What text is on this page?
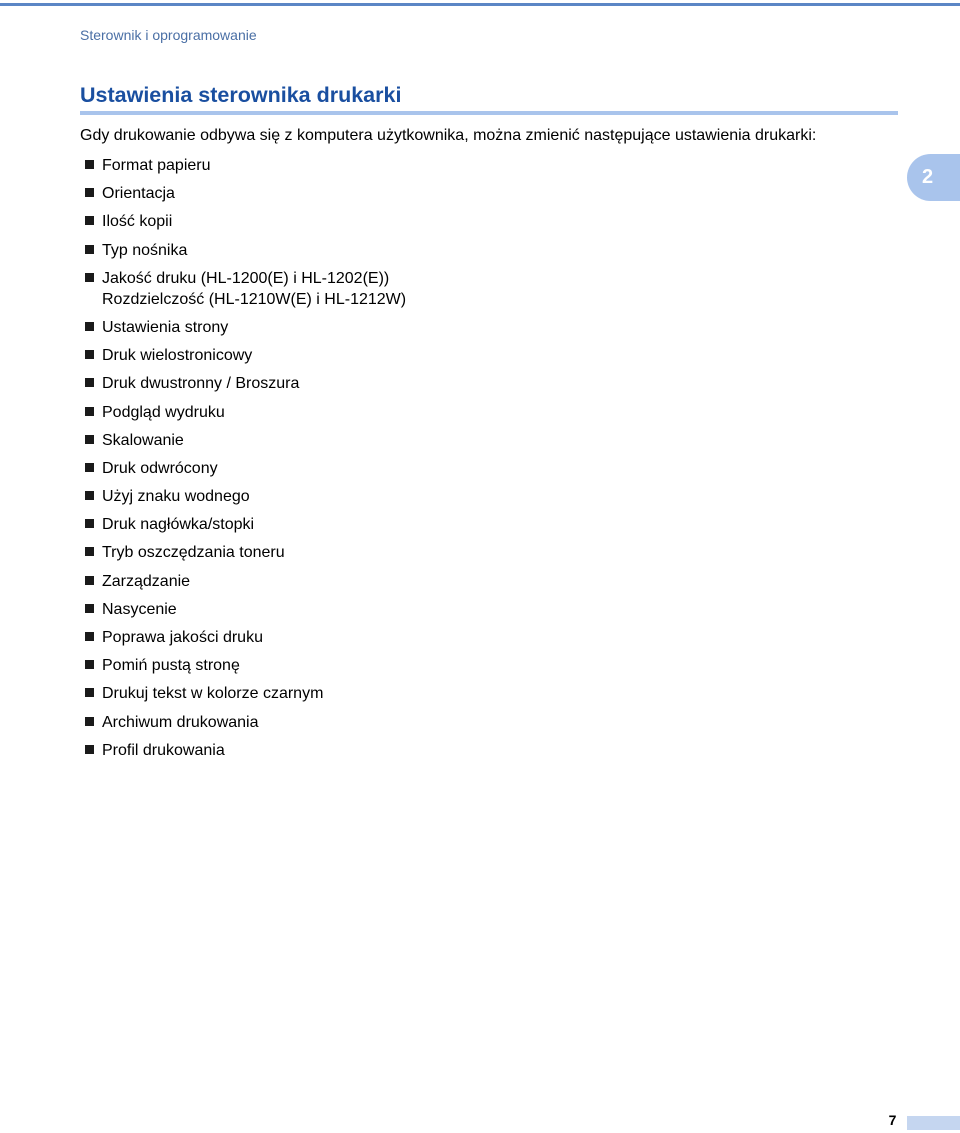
Sterownik i oprogramowanie
Ustawienia sterownika drukarki

Gdy drukowanie odbywa się z komputera użytkownika, można zmienić następujące ustawienia drukarki:

2
Format papieru
Orientacja
Ilość kopii
Typ nośnika
Jakość druku (HL-1200(E) i HL-1202(E))
Rozdzielczość (HL-1210W(E) i HL-1212W)
Ustawienia strony
Druk wielostronicowy
Druk dwustronny / Broszura
Podgląd wydruku
Skalowanie
Druk odwrócony
Użyj znaku wodnego
Druk nagłówka/stopki
Tryb oszczędzania toneru
Zarządzanie
Nasycenie
Poprawa jakości druku
Pomiń pustą stronę
Drukuj tekst w kolorze czarnym
Archiwum drukowania
Profil drukowania
7
